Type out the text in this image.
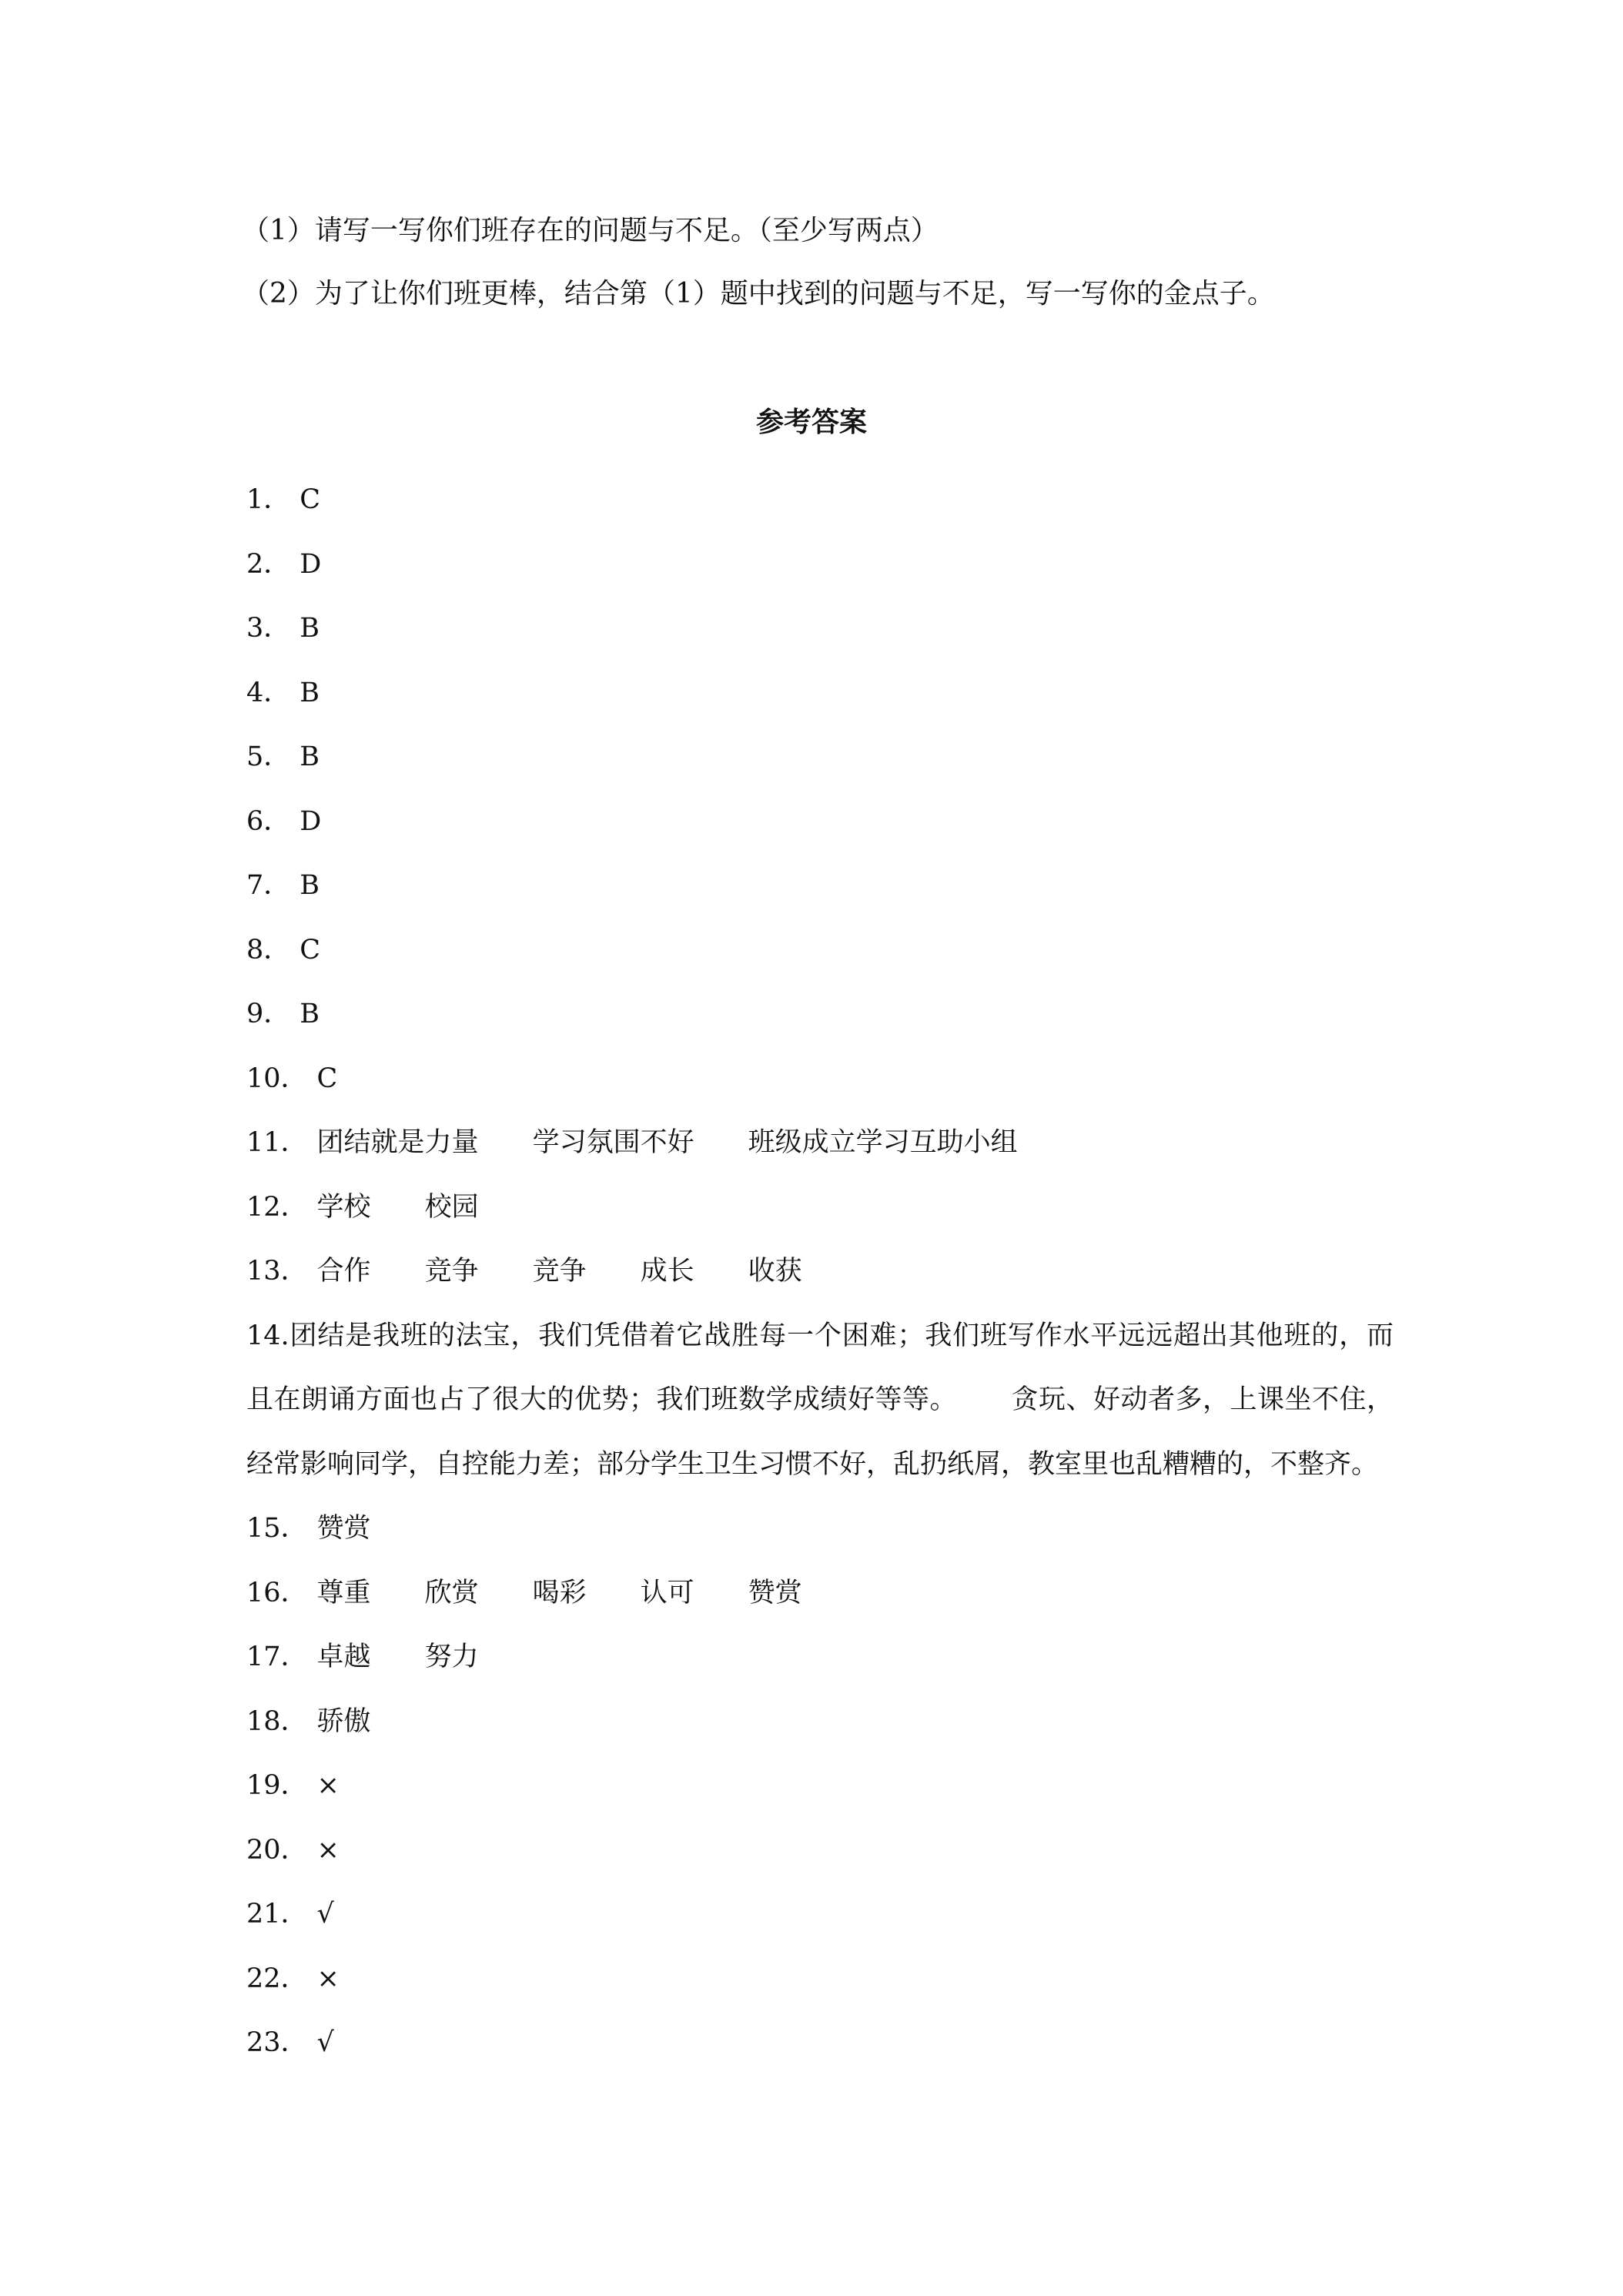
（1）请写一写你们班存在的问题与不足。（至少写两点）
（2）为了让你们班更棒，结合第（1）题中找到的问题与不足，写一写你的金点子。
参考答案
1． C
2． D
3． B
4． B
5． B
6． D
7． B
8． C
9． B
10． C
11． 团结就是力量 学习氛围不好 班级成立学习互助小组
12． 学校 校园
13． 合作 竞争 竞争 成长 收获
14.团结是我班的法宝，我们凭借着它战胜每一个困难；我们班写作水平远远超出其他班的，而且在朗诵方面也占了很大的优势；我们班数学成绩好等等。 贪玩、好动者多，上课坐不住，经常影响同学，自控能力差；部分学生卫生习惯不好，乱扔纸屑，教室里也乱糟糟的，不整齐。
15． 赞赏
16． 尊重 欣赏 喝彩 认可 赞赏
17． 卓越 努力
18． 骄傲
19． ×
20． ×
21． √
22． ×
23． √
